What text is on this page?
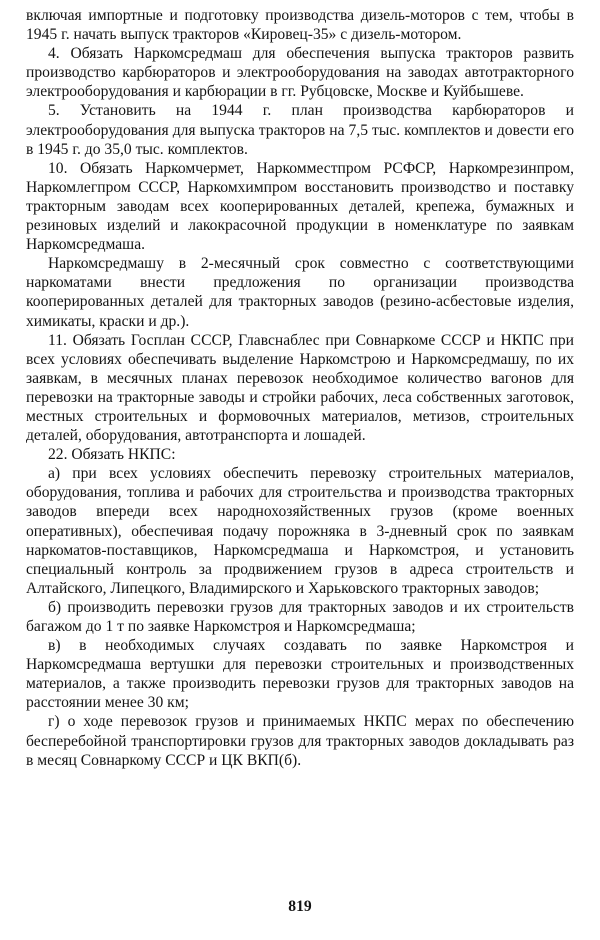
включая импортные и подготовку производства дизель-моторов с тем, чтобы в 1945 г. начать выпуск тракторов «Кировец-35» с дизель-мотором.

4. Обязать Наркомсредмаш для обеспечения выпуска тракторов развить производство карбюраторов и электрооборудования на заводах автотракторного электрооборудования и карбюрации в гг. Рубцовске, Москве и Куйбышеве.

5. Установить на 1944 г. план производства карбюраторов и электрооборудования для выпуска тракторов на 7,5 тыс. комплектов и довести его в 1945 г. до 35,0 тыс. комплектов.

10. Обязать Наркомчермет, Наркомместпром РСФСР, Наркомрезинпром, Наркомлегпром СССР, Наркомхимпром восстановить производство и поставку тракторным заводам всех кооперированных деталей, крепежа, бумажных и резиновых изделий и лакокрасочной продукции в номенклатуре по заявкам Наркомсредмаша.

Наркомсредмашу в 2-месячный срок совместно с соответствующими наркоматами внести предложения по организации производства кооперированных деталей для тракторных заводов (резино-асбестовые изделия, химикаты, краски и др.).

11. Обязать Госплан СССР, Главснаблес при Совнаркоме СССР и НКПС при всех условиях обеспечивать выделение Наркомстрою и Наркомсредмашу, по их заявкам, в месячных планах перевозок необходимое количество вагонов для перевозки на тракторные заводы и стройки рабочих, леса собственных заготовок, местных строительных и формовочных материалов, метизов, строительных деталей, оборудования, автотранспорта и лошадей.

22. Обязать НКПС:

а) при всех условиях обеспечить перевозку строительных материалов, оборудования, топлива и рабочих для строительства и производства тракторных заводов впереди всех народнохозяйственных грузов (кроме военных оперативных), обеспечивая подачу порожняка в 3-дневный срок по заявкам наркоматов-поставщиков, Наркомсредмаша и Наркомстроя, и установить специальный контроль за продвижением грузов в адреса строительств и Алтайского, Липецкого, Владимирского и Харьковского тракторных заводов;

б) производить перевозки грузов для тракторных заводов и их строительств багажом до 1 т по заявке Наркомстроя и Наркомсредмаша;

в) в необходимых случаях создавать по заявке Наркомстроя и Наркомсредмаша вертушки для перевозки строительных и производственных материалов, а также производить перевозки грузов для тракторных заводов на расстоянии менее 30 км;

г) о ходе перевозок грузов и принимаемых НКПС мерах по обеспечению бесперебойной транспортировки грузов для тракторных заводов докладывать раз в месяц Совнаркому СССР и ЦК ВКП(б).

819
